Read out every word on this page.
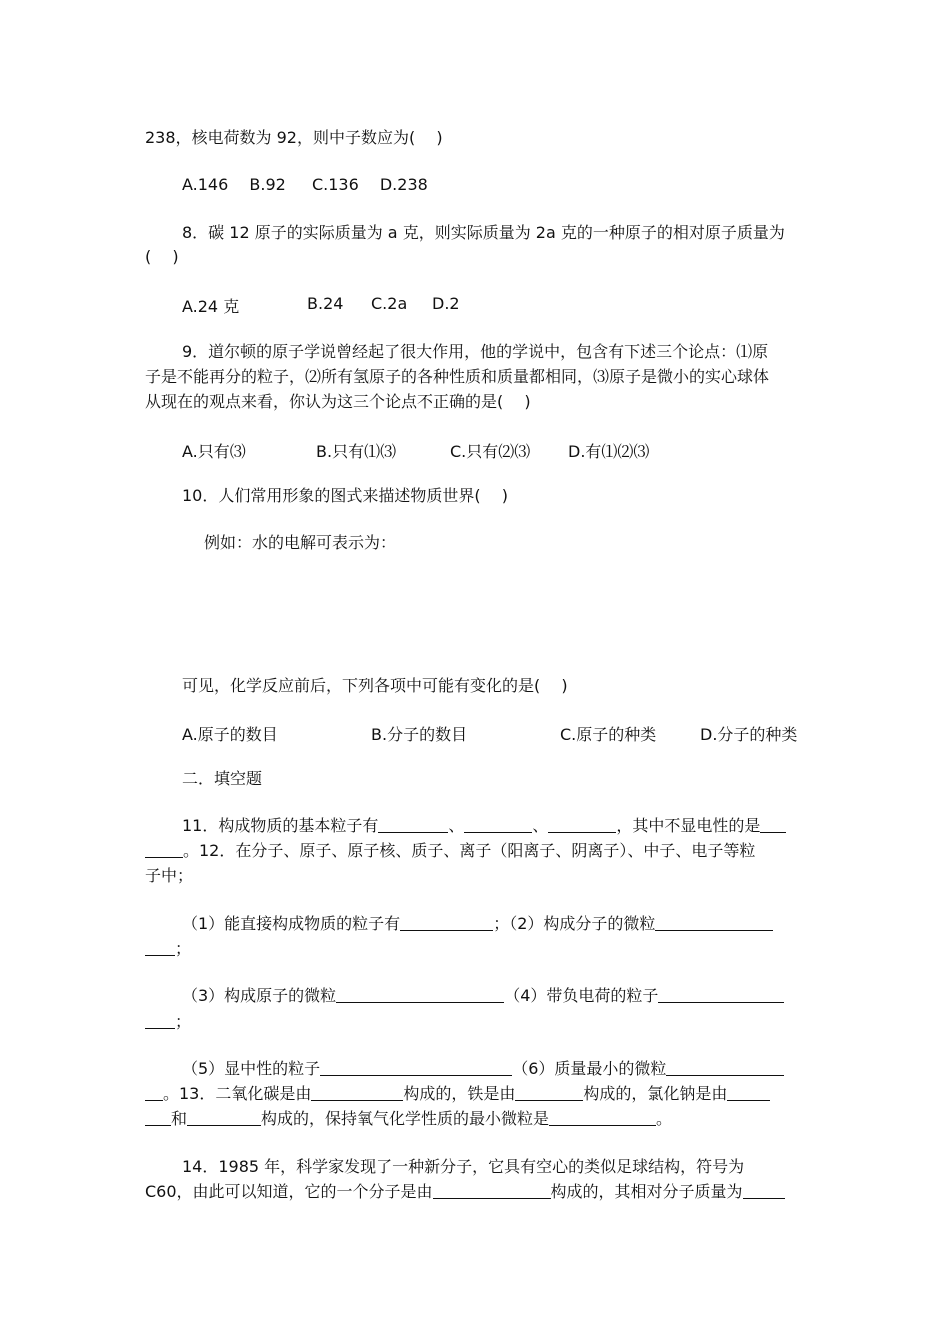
238，核电荷数为 92，则中子数应为(　 )
A.146　 B.92 　 C.136 　D.238
8．碳 12 原子的实际质量为 a 克，则实际质量为 2a 克的一种原子的相对原子质量为
(　 )
A.24 克	B.24 C.2a D.2
9．道尔顿的原子学说曾经起了很大作用，他的学说中，包含有下述三个论点：⑴原
子是不能再分的粒子，⑵所有氢原子的各种性质和质量都相同，⑶原子是微小的实心球体
从现在的观点来看，你认为这三个论点不正确的是(　 )
A.只有⑶	B.只有⑴⑶	C.只有⑵⑶ D.有⑴⑵⑶
10．人们常用形象的图式来描述物质世界(　 )
例如：水的电解可表示为：
可见，化学反应前后，下列各项中可能有变化的是(　 )
A.原子的数目	B.分子的数目	C.原子的种类	D.分子的种类
二．填空题
11．构成物质的基本粒子有	、	、	，其中不显电性的是
。12．在分子、原子、原子核、质子、离子（阳离子、阴离子）、中子、电子等粒
子中；
（1）能直接构成物质的粒子有	；（2）构成分子的微粒
；
（3）构成原子的微粒	（4）带负电荷的粒子
；
（5）显中性的粒子	（6）质量最小的微粒
。13．二氧化碳是由	构成的，铁是由	构成的，氯化钠是由
和	构成的，保持氧气化学性质的最小微粒是	。
14．1985 年，科学家发现了一种新分子，它具有空心的类似足球结构，符号为
C60，由此可以知道，它的一个分子是由	构成的，其相对分子质量为
